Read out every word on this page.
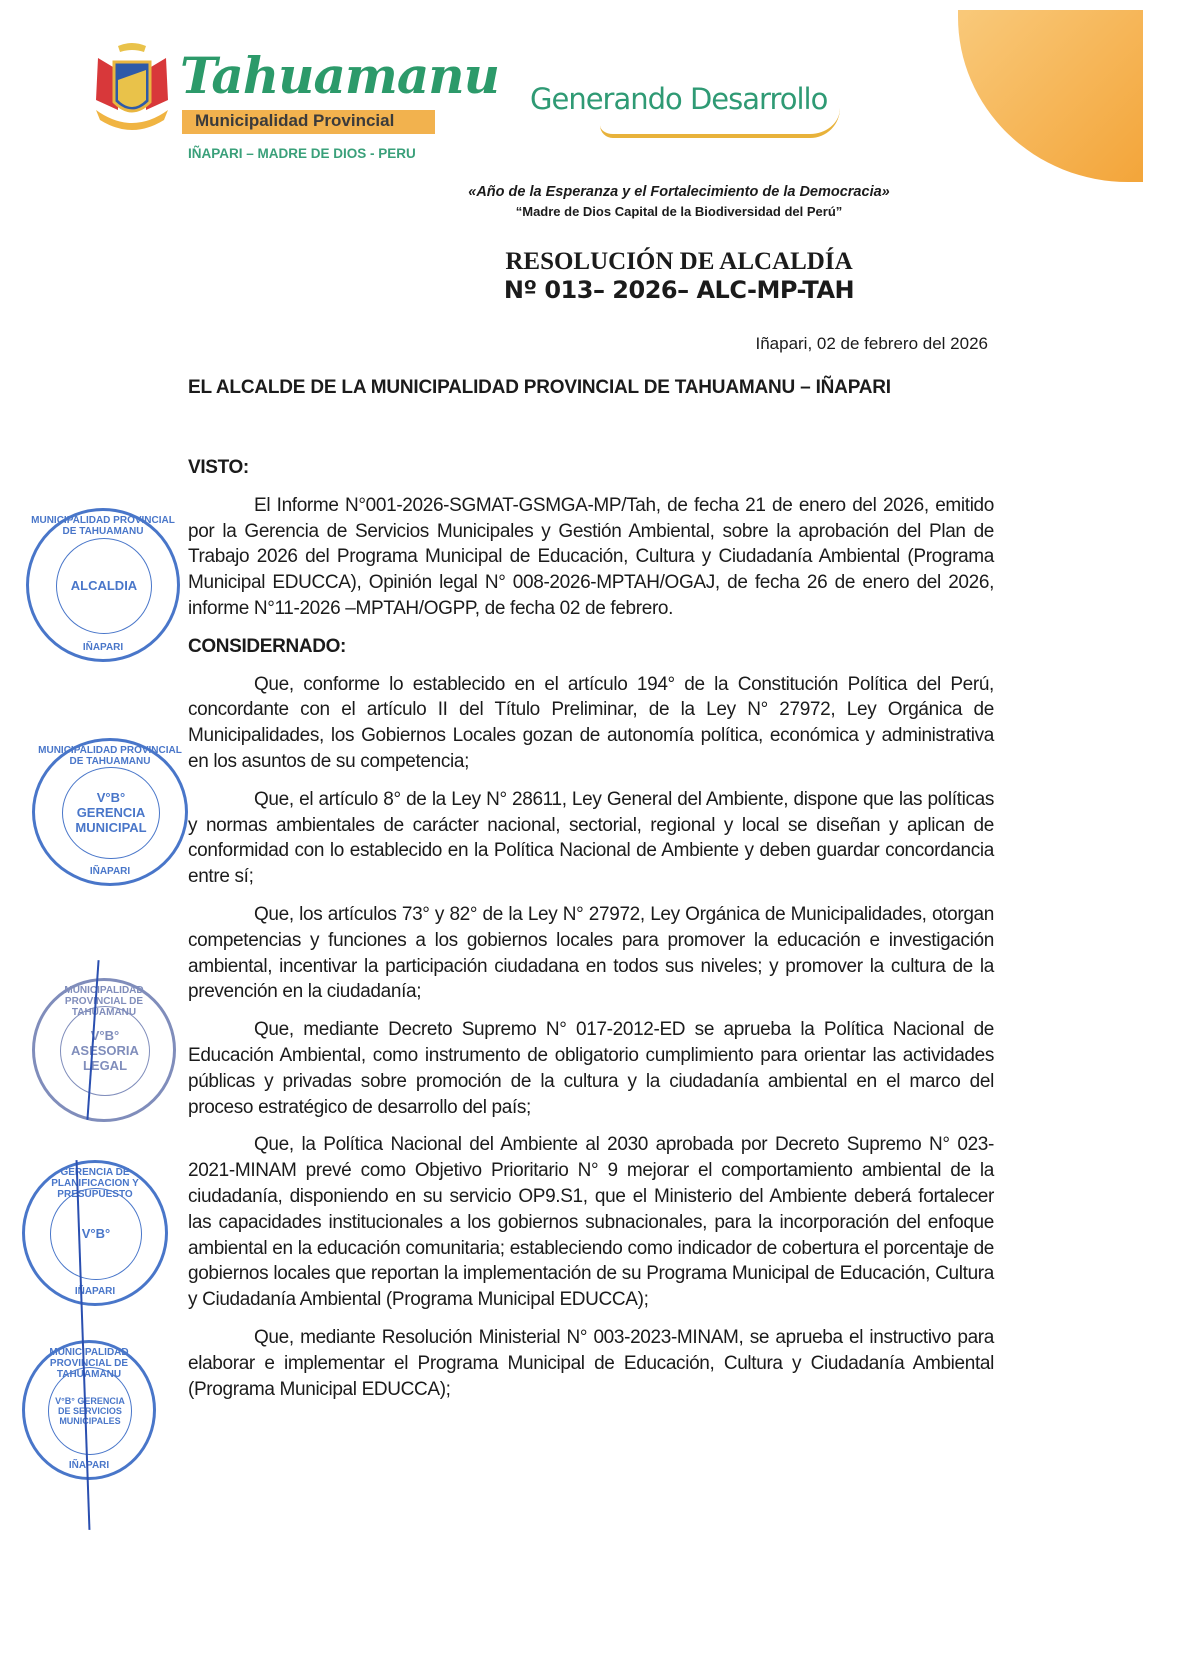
Tahuamanu
Municipalidad Provincial
IÑAPARI – MADRE DE DIOS - PERU
Generando Desarrollo
«Año de la Esperanza y el Fortalecimiento de la Democracia»
“Madre de Dios Capital de la Biodiversidad del Perú”
RESOLUCIÓN DE ALCALDÍA
Nº 013– 2026– ALC-MP-TAH
Iñapari, 02 de febrero del 2026
EL ALCALDE DE LA MUNICIPALIDAD PROVINCIAL DE TAHUAMANU – IÑAPARI
VISTO:
El Informe N°001-2026-SGMAT-GSMGA-MP/Tah, de fecha 21 de enero del 2026, emitido por la Gerencia de Servicios Municipales y Gestión Ambiental, sobre la aprobación del Plan de Trabajo 2026 del Programa Municipal de Educación, Cultura y Ciudadanía Ambiental (Programa Municipal EDUCCA), Opinión legal N° 008-2026-MPTAH/OGAJ, de fecha 26 de enero del 2026, informe N°11-2026 –MPTAH/OGPP, de fecha 02 de febrero.
CONSIDERNADO:
Que, conforme lo establecido en el artículo 194° de la Constitución Política del Perú, concordante con el artículo II del Título Preliminar, de la Ley N° 27972, Ley Orgánica de Municipalidades, los Gobiernos Locales gozan de autonomía política, económica y administrativa en los asuntos de su competencia;
Que, el artículo 8° de la Ley N° 28611, Ley General del Ambiente, dispone que las políticas y normas ambientales de carácter nacional, sectorial, regional y local se diseñan y aplican de conformidad con lo establecido en la Política Nacional de Ambiente y deben guardar concordancia entre sí;
Que, los artículos 73° y 82° de la Ley N° 27972, Ley Orgánica de Municipalidades, otorgan competencias y funciones a los gobiernos locales para promover la educación e investigación ambiental, incentivar la participación ciudadana en todos sus niveles; y promover la cultura de la prevención en la ciudadanía;
Que, mediante Decreto Supremo N° 017-2012-ED se aprueba la Política Nacional de Educación Ambiental, como instrumento de obligatorio cumplimiento para orientar las actividades públicas y privadas sobre promoción de la cultura y la ciudadanía ambiental en el marco del proceso estratégico de desarrollo del país;
Que, la Política Nacional del Ambiente al 2030 aprobada por Decreto Supremo N° 023-2021-MINAM prevé como Objetivo Prioritario N° 9 mejorar el comportamiento ambiental de la ciudadanía, disponiendo en su servicio OP9.S1, que el Ministerio del Ambiente deberá fortalecer las capacidades institucionales a los gobiernos subnacionales, para la incorporación del enfoque ambiental en la educación comunitaria; estableciendo como indicador de cobertura el porcentaje de gobiernos locales que reportan la implementación de su Programa Municipal de Educación, Cultura y Ciudadanía Ambiental (Programa Municipal EDUCCA);
Que, mediante Resolución Ministerial N° 003-2023-MINAM, se aprueba el instructivo para elaborar e implementar el Programa Municipal de Educación, Cultura y Ciudadanía Ambiental (Programa Municipal EDUCCA);
MUNICIPALIDAD PROVINCIAL DE TAHUAMANU
ALCALDIA
IÑAPARI
MUNICIPALIDAD PROVINCIAL DE TAHUAMANU
V°B° GERENCIA MUNICIPAL
IÑAPARI
MUNICIPALIDAD PROVINCIAL DE TAHUAMANU
V°B° ASESORIA LEGAL
GERENCIA DE PLANIFICACION Y PRESUPUESTO
V°B°
IÑAPARI
MUNICIPALIDAD PROVINCIAL DE TAHUAMANU
V°B° GERENCIA DE SERVICIOS MUNICIPALES
IÑAPARI
